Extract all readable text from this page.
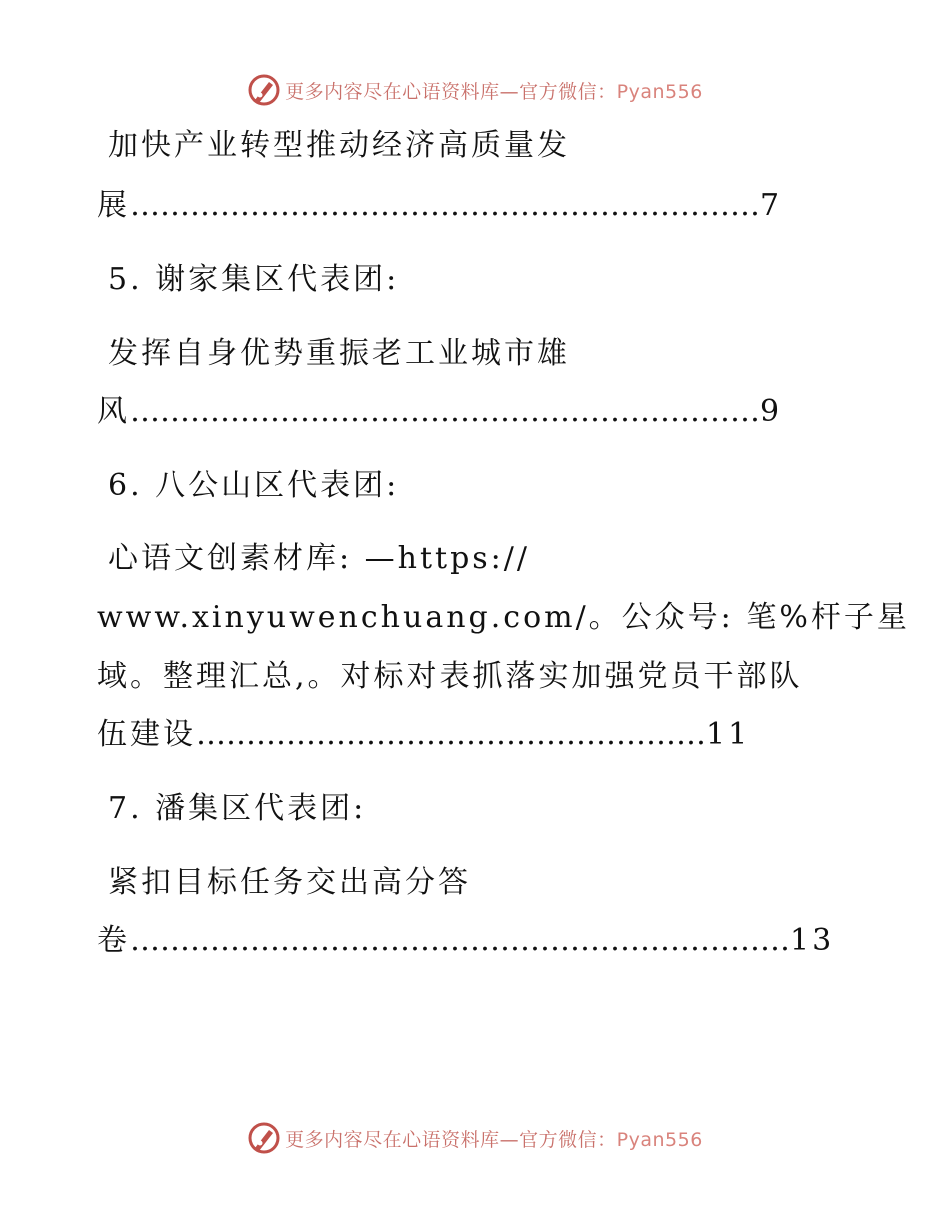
更多内容尽在心语资料库—官方微信：Pyan556
加快产业转型推动经济高质量发
展………………………………………………………7
5. 谢家集区代表团:
发挥自身优势重振老工业城市雄
风………………………………………………………9
6. 八公山区代表团:
心语文创素材库: —https://
www.xinyuwenchuang.com/。公众号: 笔%杆子星
域。整理汇总,。对标对表抓落实加强党员干部队
伍建设……………………………………………11
7. 潘集区代表团:
紧扣目标任务交出高分答
卷…………………………………………………………13
更多内容尽在心语资料库—官方微信：Pyan556
